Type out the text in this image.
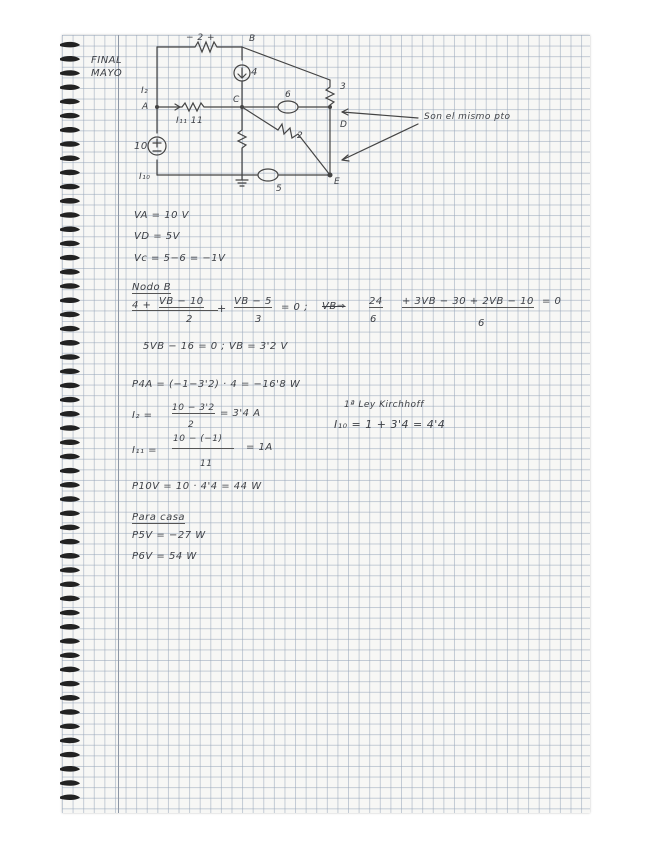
FINAL
MAYO
− 2 +	B
4
I₂
A
I₁₁ 11
C	6
3
D
2
10
I₁₀
5
E
Son el mismo pto
VA = 10 V
VD = 5V
Vc = 5−6 = −1V
Nodo B
4 + VB − 10
2
+
VB − 5
3
= 0 ; VB⇒ 24
6
+ 3VB − 30 + 2VB − 10
6
= 0
5VB − 16 = 0 ; VB = 3'2 V
P4A = (−1−3'2) · 4 = −16'8 W
I₂ =
10 − 3'2
2
= 3'4 A
I₁₁ =
10 − (−1)
11
= 1A
P10V = 10 · 4'4 = 44 W
1ª Ley Kirchhoff
I₁₀ = 1 + 3'4 = 4'4
Para casa
P5V = −27 W
P6V = 54 W
